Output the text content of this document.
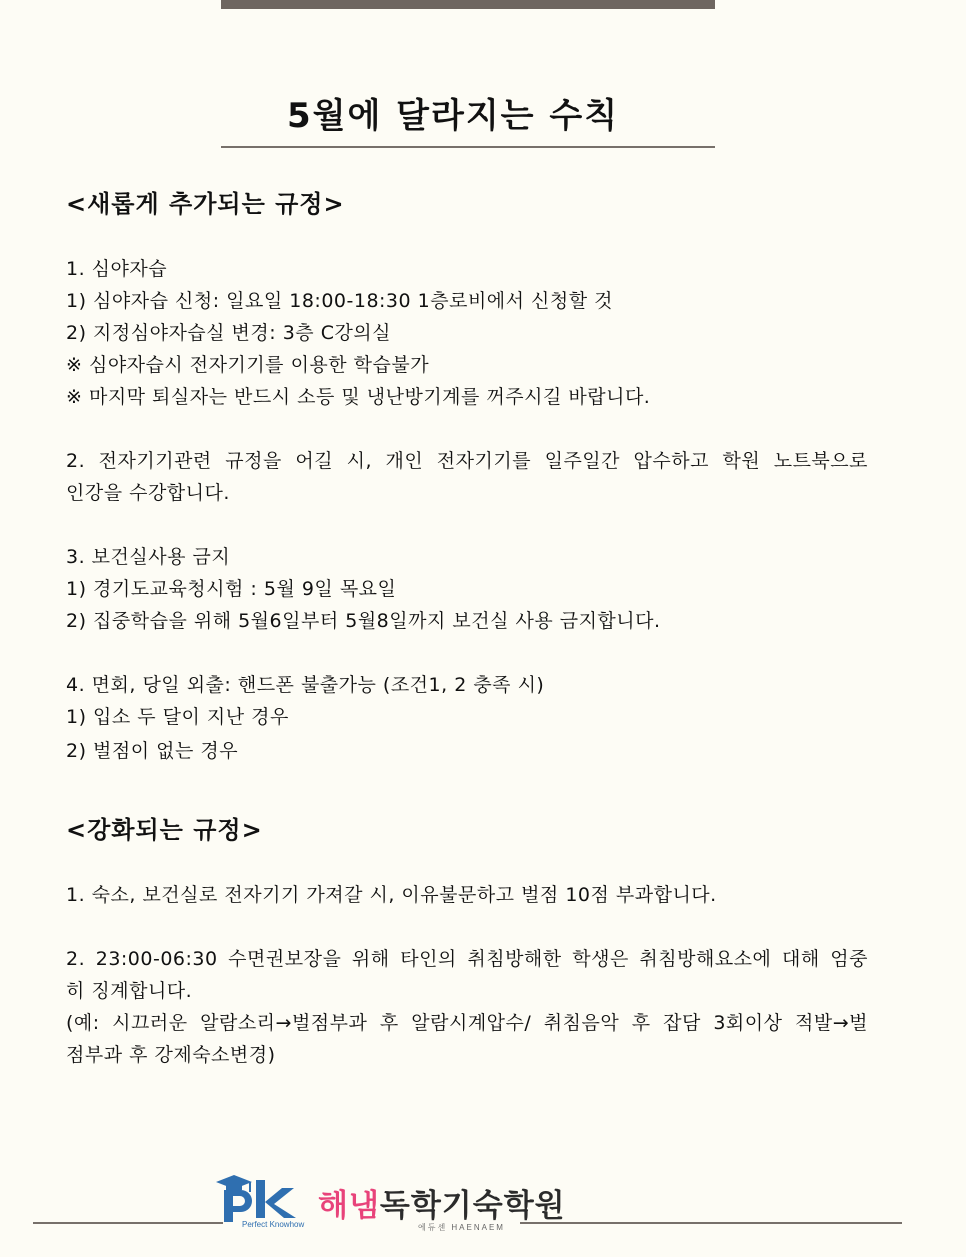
5월에 달라지는 수칙
<새롭게 추가되는 규정>
1. 심야자습
1) 심야자습 신청: 일요일 18:00-18:30 1층로비에서 신청할 것
2) 지정심야자습실 변경: 3층 C강의실
※ 심야자습시 전자기기를 이용한 학습불가
※ 마지막 퇴실자는 반드시 소등 및 냉난방기계를 꺼주시길 바랍니다.
2. 전자기기관련 규정을 어길 시, 개인 전자기기를 일주일간 압수하고 학원 노트북으로
인강을 수강합니다.
3. 보건실사용 금지
1) 경기도교육청시험 : 5월 9일 목요일
2) 집중학습을 위해 5월6일부터 5월8일까지 보건실 사용 금지합니다.
4. 면회, 당일 외출: 핸드폰 불출가능 (조건1, 2 충족 시)
1) 입소 두 달이 지난 경우
2) 벌점이 없는 경우
<강화되는 규정>
1. 숙소, 보건실로 전자기기 가져갈 시, 이유불문하고 벌점 10점 부과합니다.
2. 23:00-06:30 수면권보장을 위해 타인의 취침방해한 학생은 취침방해요소에 대해 엄중
히 징계합니다.
(예: 시끄러운 알람소리→벌점부과 후 알람시계압수/ 취침음악 후 잡담 3회이상 적발→벌
점부과 후 강제숙소변경)
Perfect Knowhow
해냄독학기숙학원
에듀센 HAENAEM
